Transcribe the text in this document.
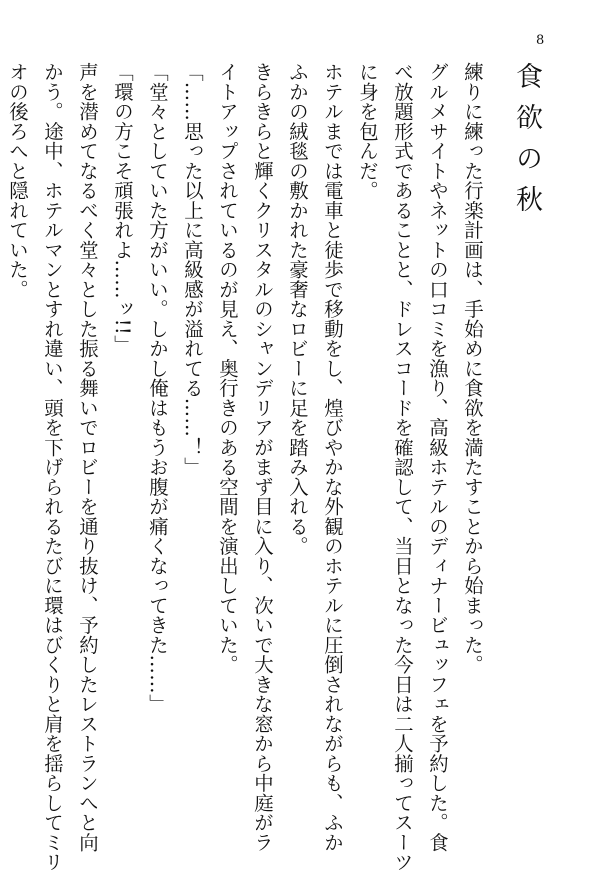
8
食欲の秋

練りに練った行楽計画は、手始めに食欲を満たすことから始まった。

グルメサイトやネットの口コミを漁り、高級ホテルのディナービュッフェを予約した。食

べ放題形式であることと、ドレスコードを確認して、当日となった今日は二人揃ってスーツ

に身を包んだ。

ホテルまでは電車と徒歩で移動をし、煌びやかな外観のホテルに圧倒されながらも、ふか

ふかの絨毯の敷かれた豪奢なロビーに足を踏み入れる。

きらきらと輝くクリスタルのシャンデリアがまず目に入り、次いで大きな窓から中庭がラ

イトアップされているのが見え、奥行きのある空間を演出していた。

「……思った以上に高級感が溢れてる……！」

「堂々としていた方がいい。しかし俺はもうお腹が痛くなってきた……」

「環の方こそ頑張れよ……ッ!!」

声を潜めてなるべく堂々とした振る舞いでロビーを通り抜け、予約したレストランへと向

かう。途中、ホテルマンとすれ違い、頭を下げられるたびに環はびくりと肩を揺らしてミリ

オの後ろへと隠れていた。
